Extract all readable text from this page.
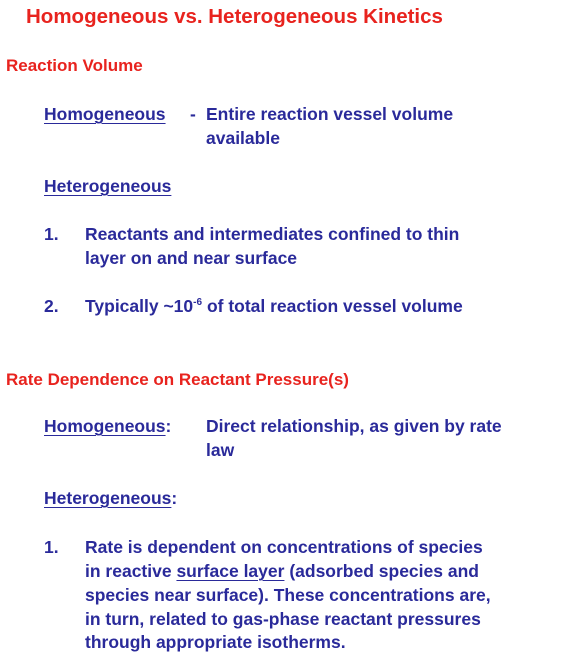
Homogeneous vs. Heterogeneous Kinetics
Reaction Volume
Homogeneous - Entire reaction vessel volume
available
Heterogeneous
1. Reactants and intermediates confined to thin
layer on and near surface
2. Typically $\sim 10^{-6}$ of total reaction vessel volume
Rate Dependence on Reactant Pressure(s)
Homogeneous: Direct relationship, as given by rate
law
Heterogeneous:
1. Rate is dependent on concentrations of species
in reactive surface layer (adsorbed species and
species near surface). These concentrations are,
in turn, related to gas-phase reactant pressures
through appropriate isotherms.
